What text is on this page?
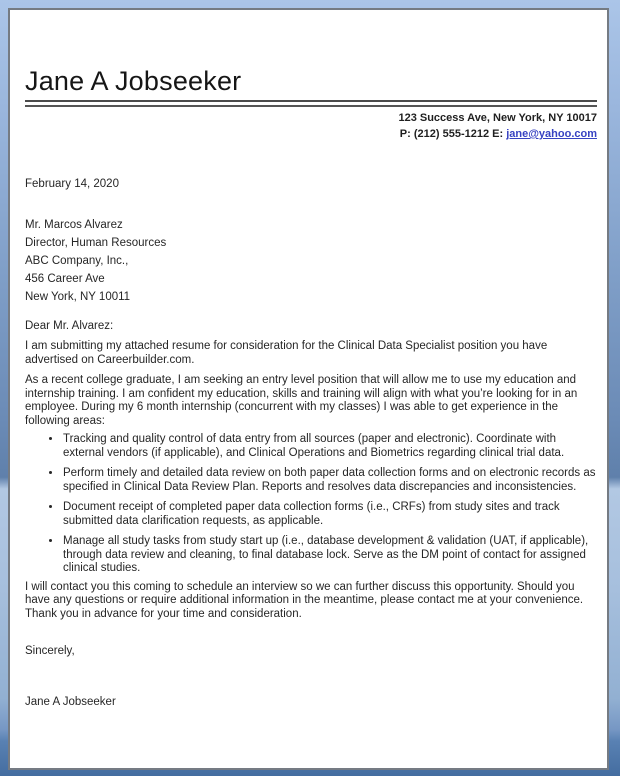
Jane A Jobseeker
123 Success Ave, New York, NY 10017
P: (212) 555-1212 E: jane@yahoo.com
February 14, 2020
Mr. Marcos Alvarez
Director, Human Resources
ABC Company, Inc.,
456 Career Ave
New York, NY 10011
Dear Mr. Alvarez:

I am submitting my attached resume for consideration for the Clinical Data Specialist position you have advertised on Careerbuilder.com.

As a recent college graduate, I am seeking an entry level position that will allow me to use my education and internship training. I am confident my education, skills and training will align with what you’re looking for in an employee. During my 6 month internship (concurrent with my classes) I was able to get experience in the following areas:

• Tracking and quality control of data entry from all sources (paper and electronic). Coordinate with external vendors (if applicable), and Clinical Operations and Biometrics regarding clinical trial data.
• Perform timely and detailed data review on both paper data collection forms and on electronic records as specified in Clinical Data Review Plan. Reports and resolves data discrepancies and inconsistencies.
• Document receipt of completed paper data collection forms (i.e., CRFs) from study sites and track submitted data clarification requests, as applicable.
• Manage all study tasks from study start up (i.e., database development & validation (UAT, if applicable), through data review and cleaning, to final database lock. Serve as the DM point of contact for assigned clinical studies.

I will contact you this coming to schedule an interview so we can further discuss this opportunity. Should you have any questions or require additional information in the meantime, please contact me at your convenience. Thank you in advance for your time and consideration.

Sincerely,
Jane A Jobseeker
